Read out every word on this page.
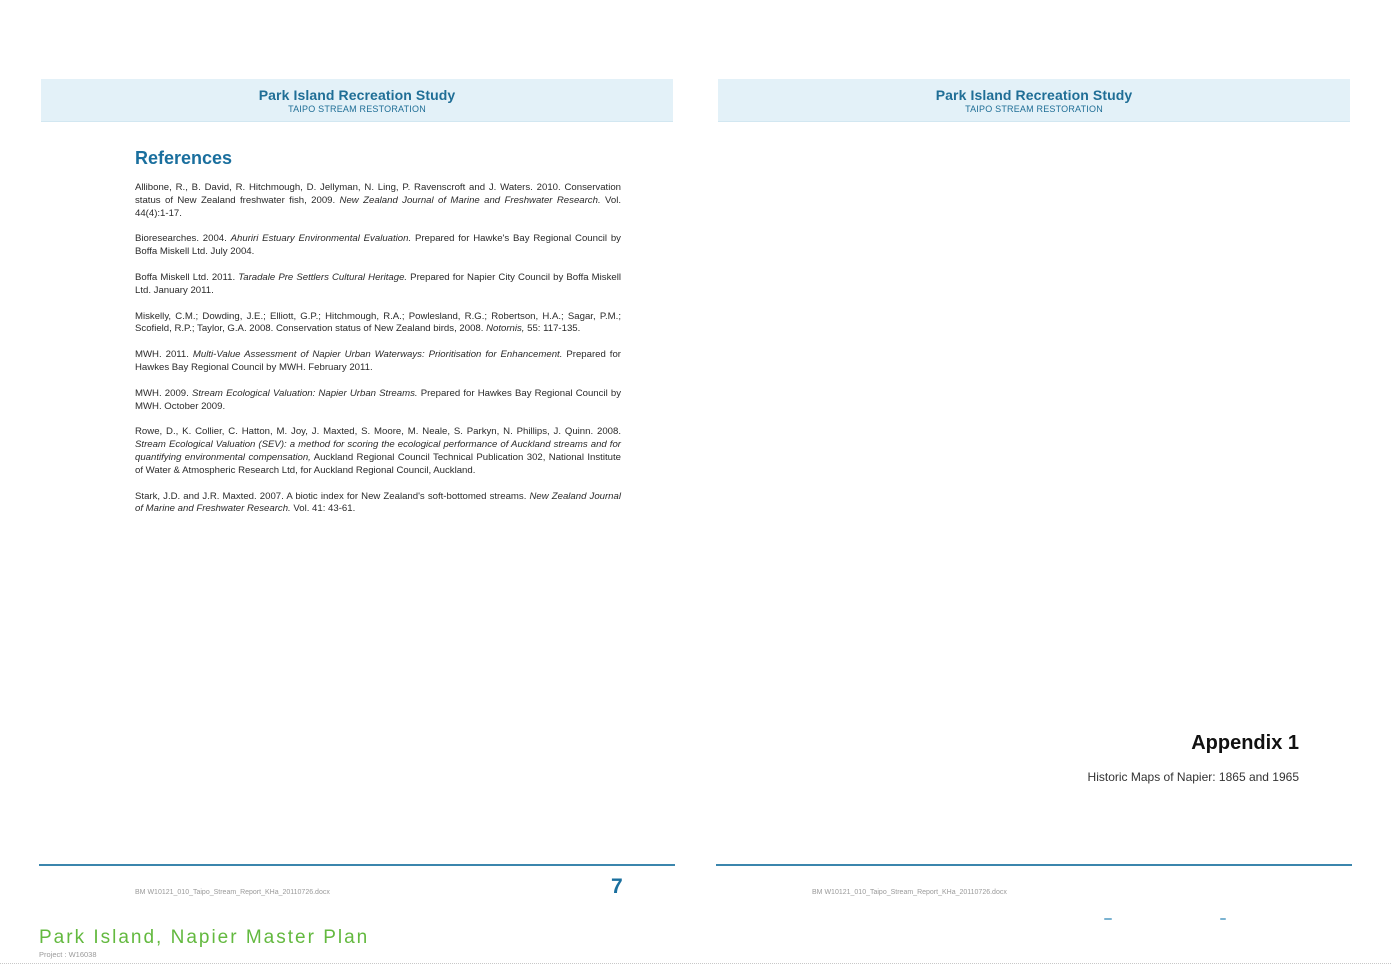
Park Island Recreation Study
TAIPO STREAM RESTORATION
References

Allibone, R., B. David, R. Hitchmough, D. Jellyman, N. Ling, P. Ravenscroft and J. Waters. 2010. Conservation status of New Zealand freshwater fish, 2009. New Zealand Journal of Marine and Freshwater Research. Vol. 44(4):1-17.

Bioresearches. 2004. Ahuriri Estuary Environmental Evaluation. Prepared for Hawke's Bay Regional Council by Boffa Miskell Ltd. July 2004.

Boffa Miskell Ltd. 2011. Taradale Pre Settlers Cultural Heritage. Prepared for Napier City Council by Boffa Miskell Ltd. January 2011.

Miskelly, C.M.; Dowding, J.E.; Elliott, G.P.; Hitchmough, R.A.; Powlesland, R.G.; Robertson, H.A.; Sagar, P.M.; Scofield, R.P.; Taylor, G.A. 2008. Conservation status of New Zealand birds, 2008. Notornis, 55: 117-135.

MWH. 2011. Multi-Value Assessment of Napier Urban Waterways: Prioritisation for Enhancement. Prepared for Hawkes Bay Regional Council by MWH. February 2011.

MWH. 2009. Stream Ecological Valuation: Napier Urban Streams. Prepared for Hawkes Bay Regional Council by MWH. October 2009.

Rowe, D., K. Collier, C. Hatton, M. Joy, J. Maxted, S. Moore, M. Neale, S. Parkyn, N. Phillips, J. Quinn. 2008. Stream Ecological Valuation (SEV): a method for scoring the ecological performance of Auckland streams and for quantifying environmental compensation, Auckland Regional Council Technical Publication 302, National Institute of Water & Atmospheric Research Ltd, for Auckland Regional Council, Auckland.

Stark, J.D. and J.R. Maxted. 2007. A biotic index for New Zealand's soft-bottomed streams. New Zealand Journal of Marine and Freshwater Research. Vol. 41: 43-61.

BM W10121_010_Taipo_Stream_Report_KHa_20110726.docx	7
Park Island Recreation Study
TAIPO STREAM RESTORATION
Appendix 1
Historic Maps of Napier: 1865 and 1965
BM W10121_010_Taipo_Stream_Report_KHa_20110726.docx
Park Island, Napier Master Plan
Project : W16038
